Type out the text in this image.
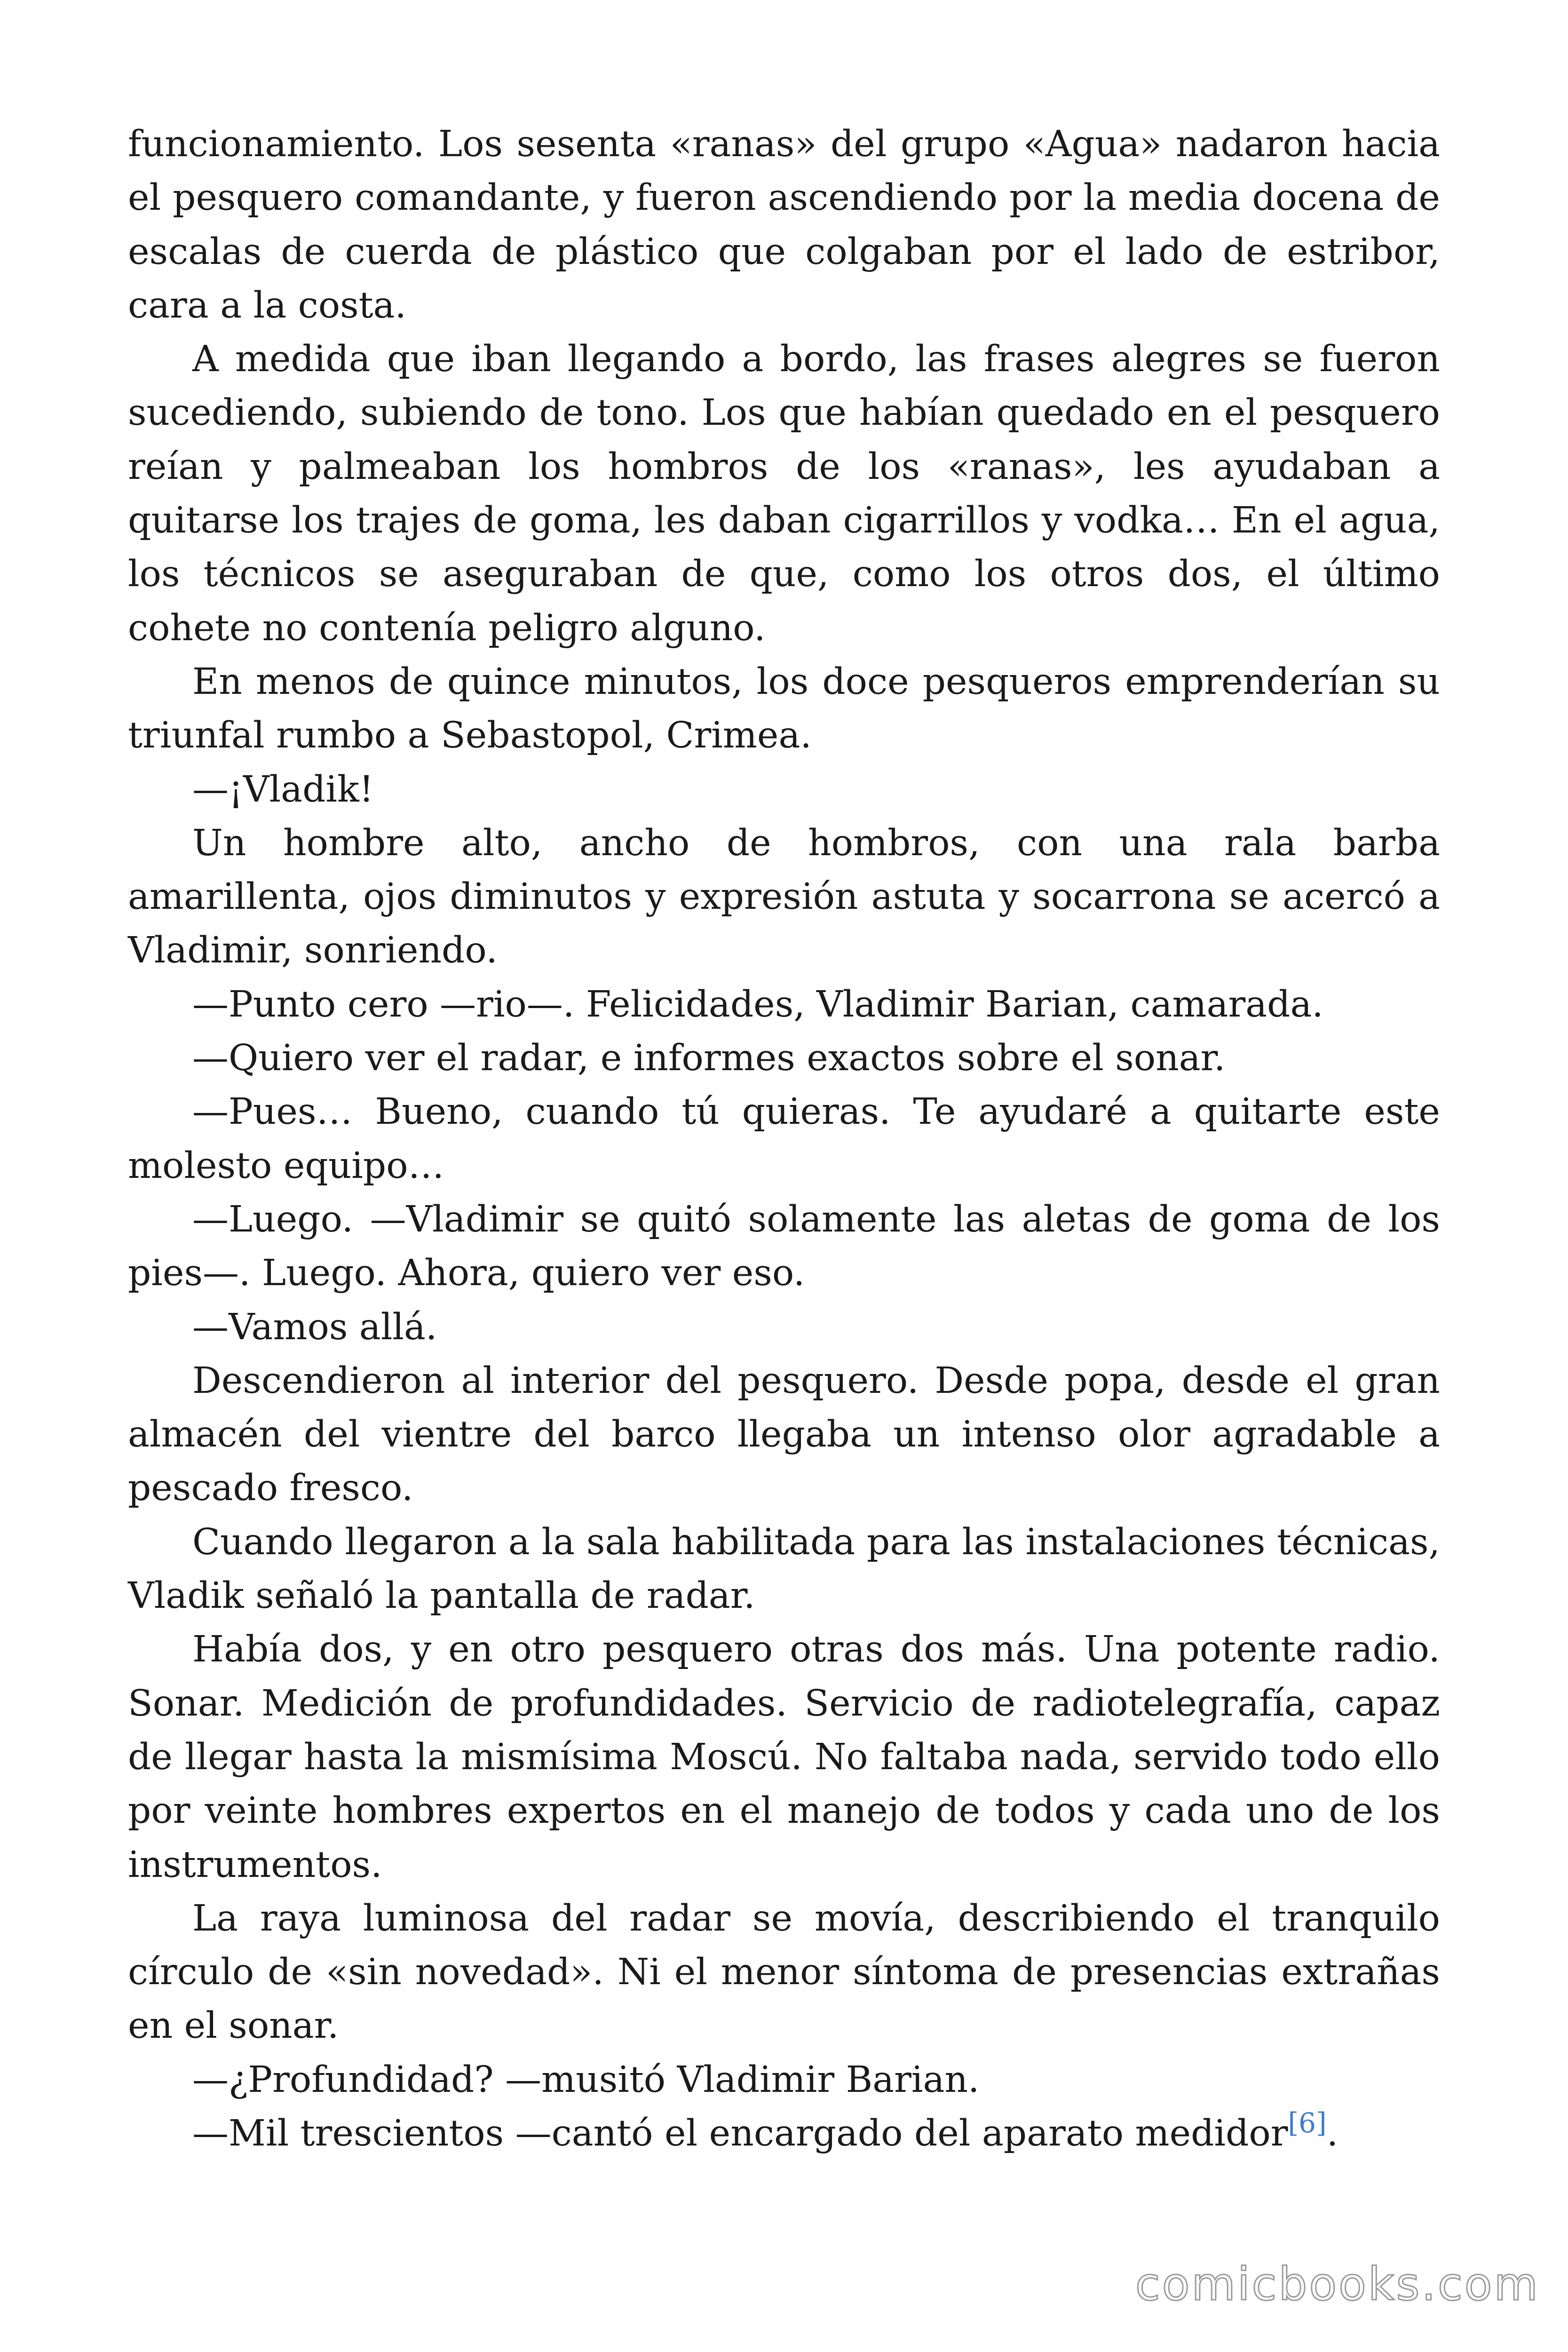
funcionamiento. Los sesenta «ranas» del grupo «Agua» nadaron hacia el pesquero comandante, y fueron ascendiendo por la media docena de escalas de cuerda de plástico que colgaban por el lado de estribor, cara a la costa.

A medida que iban llegando a bordo, las frases alegres se fueron sucediendo, subiendo de tono. Los que habían quedado en el pesquero reían y palmeaban los hombros de los «ranas», les ayudaban a quitarse los trajes de goma, les daban cigarrillos y vodka… En el agua, los técnicos se aseguraban de que, como los otros dos, el último cohete no contenía peligro alguno.

En menos de quince minutos, los doce pesqueros emprenderían su triunfal rumbo a Sebastopol, Crimea.

—¡Vladik!

Un hombre alto, ancho de hombros, con una rala barba amarillenta, ojos diminutos y expresión astuta y socarrona se acercó a Vladimir, sonriendo.

—Punto cero —rio—. Felicidades, Vladimir Barian, camarada.

—Quiero ver el radar, e informes exactos sobre el sonar.

—Pues… Bueno, cuando tú quieras. Te ayudaré a quitarte este molesto equipo…

—Luego. —Vladimir se quitó solamente las aletas de goma de los pies—. Luego. Ahora, quiero ver eso.

—Vamos allá.

Descendieron al interior del pesquero. Desde popa, desde el gran almacén del vientre del barco llegaba un intenso olor agradable a pescado fresco.

Cuando llegaron a la sala habilitada para las instalaciones técnicas, Vladik señaló la pantalla de radar.

Había dos, y en otro pesquero otras dos más. Una potente radio. Sonar. Medición de profundidades. Servicio de radiotelegrafía, capaz de llegar hasta la mismísima Moscú. No faltaba nada, servido todo ello por veinte hombres expertos en el manejo de todos y cada uno de los instrumentos.

La raya luminosa del radar se movía, describiendo el tranquilo círculo de «sin novedad». Ni el menor síntoma de presencias extrañas en el sonar.

—¿Profundidad? —musitó Vladimir Barian.

—Mil trescientos —cantó el encargado del aparato medidor[6].

comicbooks.com
